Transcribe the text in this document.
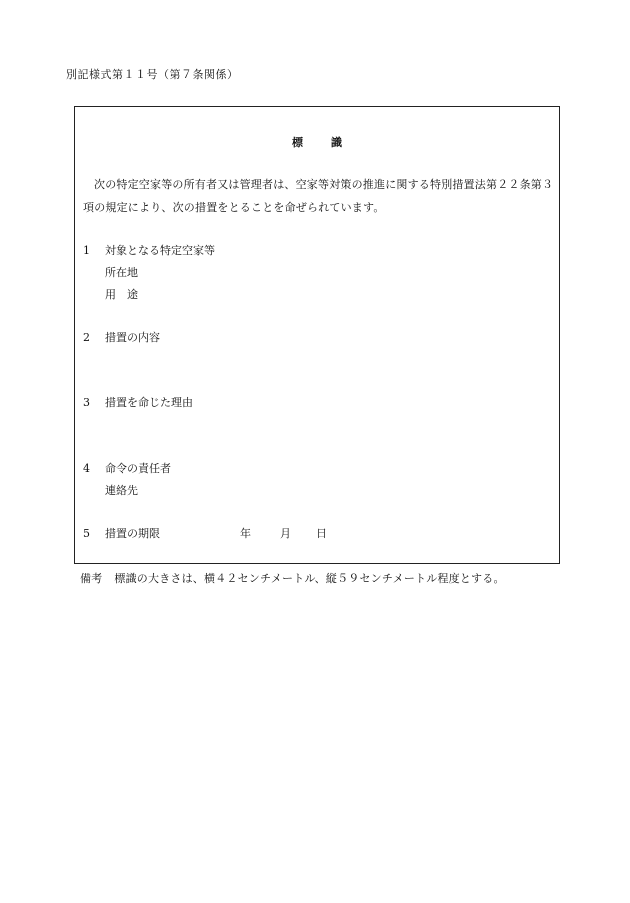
別記様式第１１号（第７条関係）
標識
次の特定空家等の所有者又は管理者は、空家等対策の推進に関する特別措置法第２２条第３項の規定により、次の措置をとることを命ぜられています。
1 対象となる特定空家等
所在地
用　途
2 措置の内容
3 措置を命じた理由
4 命令の責任者
連絡先
5 措置の期限	年	月 日
備考 標識の大きさは、横４２センチメートル、縦５９センチメートル程度とする。
